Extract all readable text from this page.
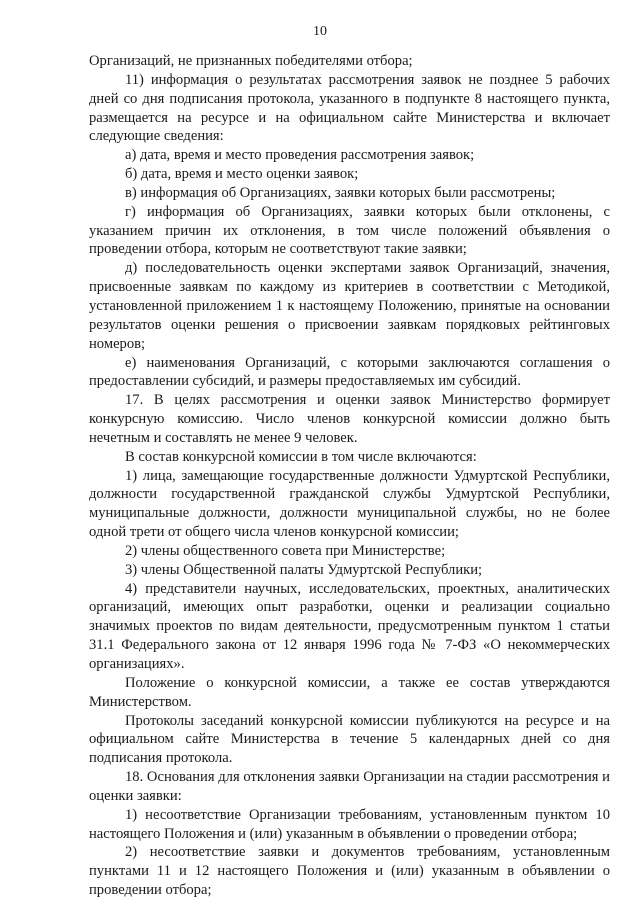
10

Организаций, не признанных победителями отбора;

11) информация о результатах рассмотрения заявок не позднее 5 рабочих дней со дня подписания протокола, указанного в подпункте 8 настоящего пункта, размещается на ресурсе и на официальном сайте Министерства и включает следующие сведения:

а) дата, время и место проведения рассмотрения заявок;

б) дата, время и место оценки заявок;

в) информация об Организациях, заявки которых были рассмотрены;

г) информация об Организациях, заявки которых были отклонены, с указанием причин их отклонения, в том числе положений объявления о проведении отбора, которым не соответствуют такие заявки;

д) последовательность оценки экспертами заявок Организаций, значения, присвоенные заявкам по каждому из критериев в соответствии с Методикой, установленной приложением 1 к настоящему Положению, принятые на основании результатов оценки решения о присвоении заявкам порядковых рейтинговых номеров;

е) наименования Организаций, с которыми заключаются соглашения о предоставлении субсидий, и размеры предоставляемых им субсидий.

17. В целях рассмотрения и оценки заявок Министерство формирует конкурсную комиссию. Число членов конкурсной комиссии должно быть нечетным и составлять не менее 9 человек.

В состав конкурсной комиссии в том числе включаются:

1) лица, замещающие государственные должности Удмуртской Республики, должности государственной гражданской службы Удмуртской Республики, муниципальные должности, должности муниципальной службы, но не более одной трети от общего числа членов конкурсной комиссии;

2) члены общественного совета при Министерстве;

3) члены Общественной палаты Удмуртской Республики;

4) представители научных, исследовательских, проектных, аналитических организаций, имеющих опыт разработки, оценки и реализации социально значимых проектов по видам деятельности, предусмотренным пунктом 1 статьи 31.1 Федерального закона от 12 января 1996 года № 7-ФЗ «О некоммерческих организациях».

Положение о конкурсной комиссии, а также ее состав утверждаются Министерством.

Протоколы заседаний конкурсной комиссии публикуются на ресурсе и на официальном сайте Министерства в течение 5 календарных дней со дня подписания протокола.

18. Основания для отклонения заявки Организации на стадии рассмотрения и оценки заявки:

1) несоответствие Организации требованиям, установленным пунктом 10 настоящего Положения и (или) указанным в объявлении о проведении отбора;

2) несоответствие заявки и документов требованиям, установленным пунктами 11 и 12 настоящего Положения и (или) указанным в объявлении о проведении отбора;
